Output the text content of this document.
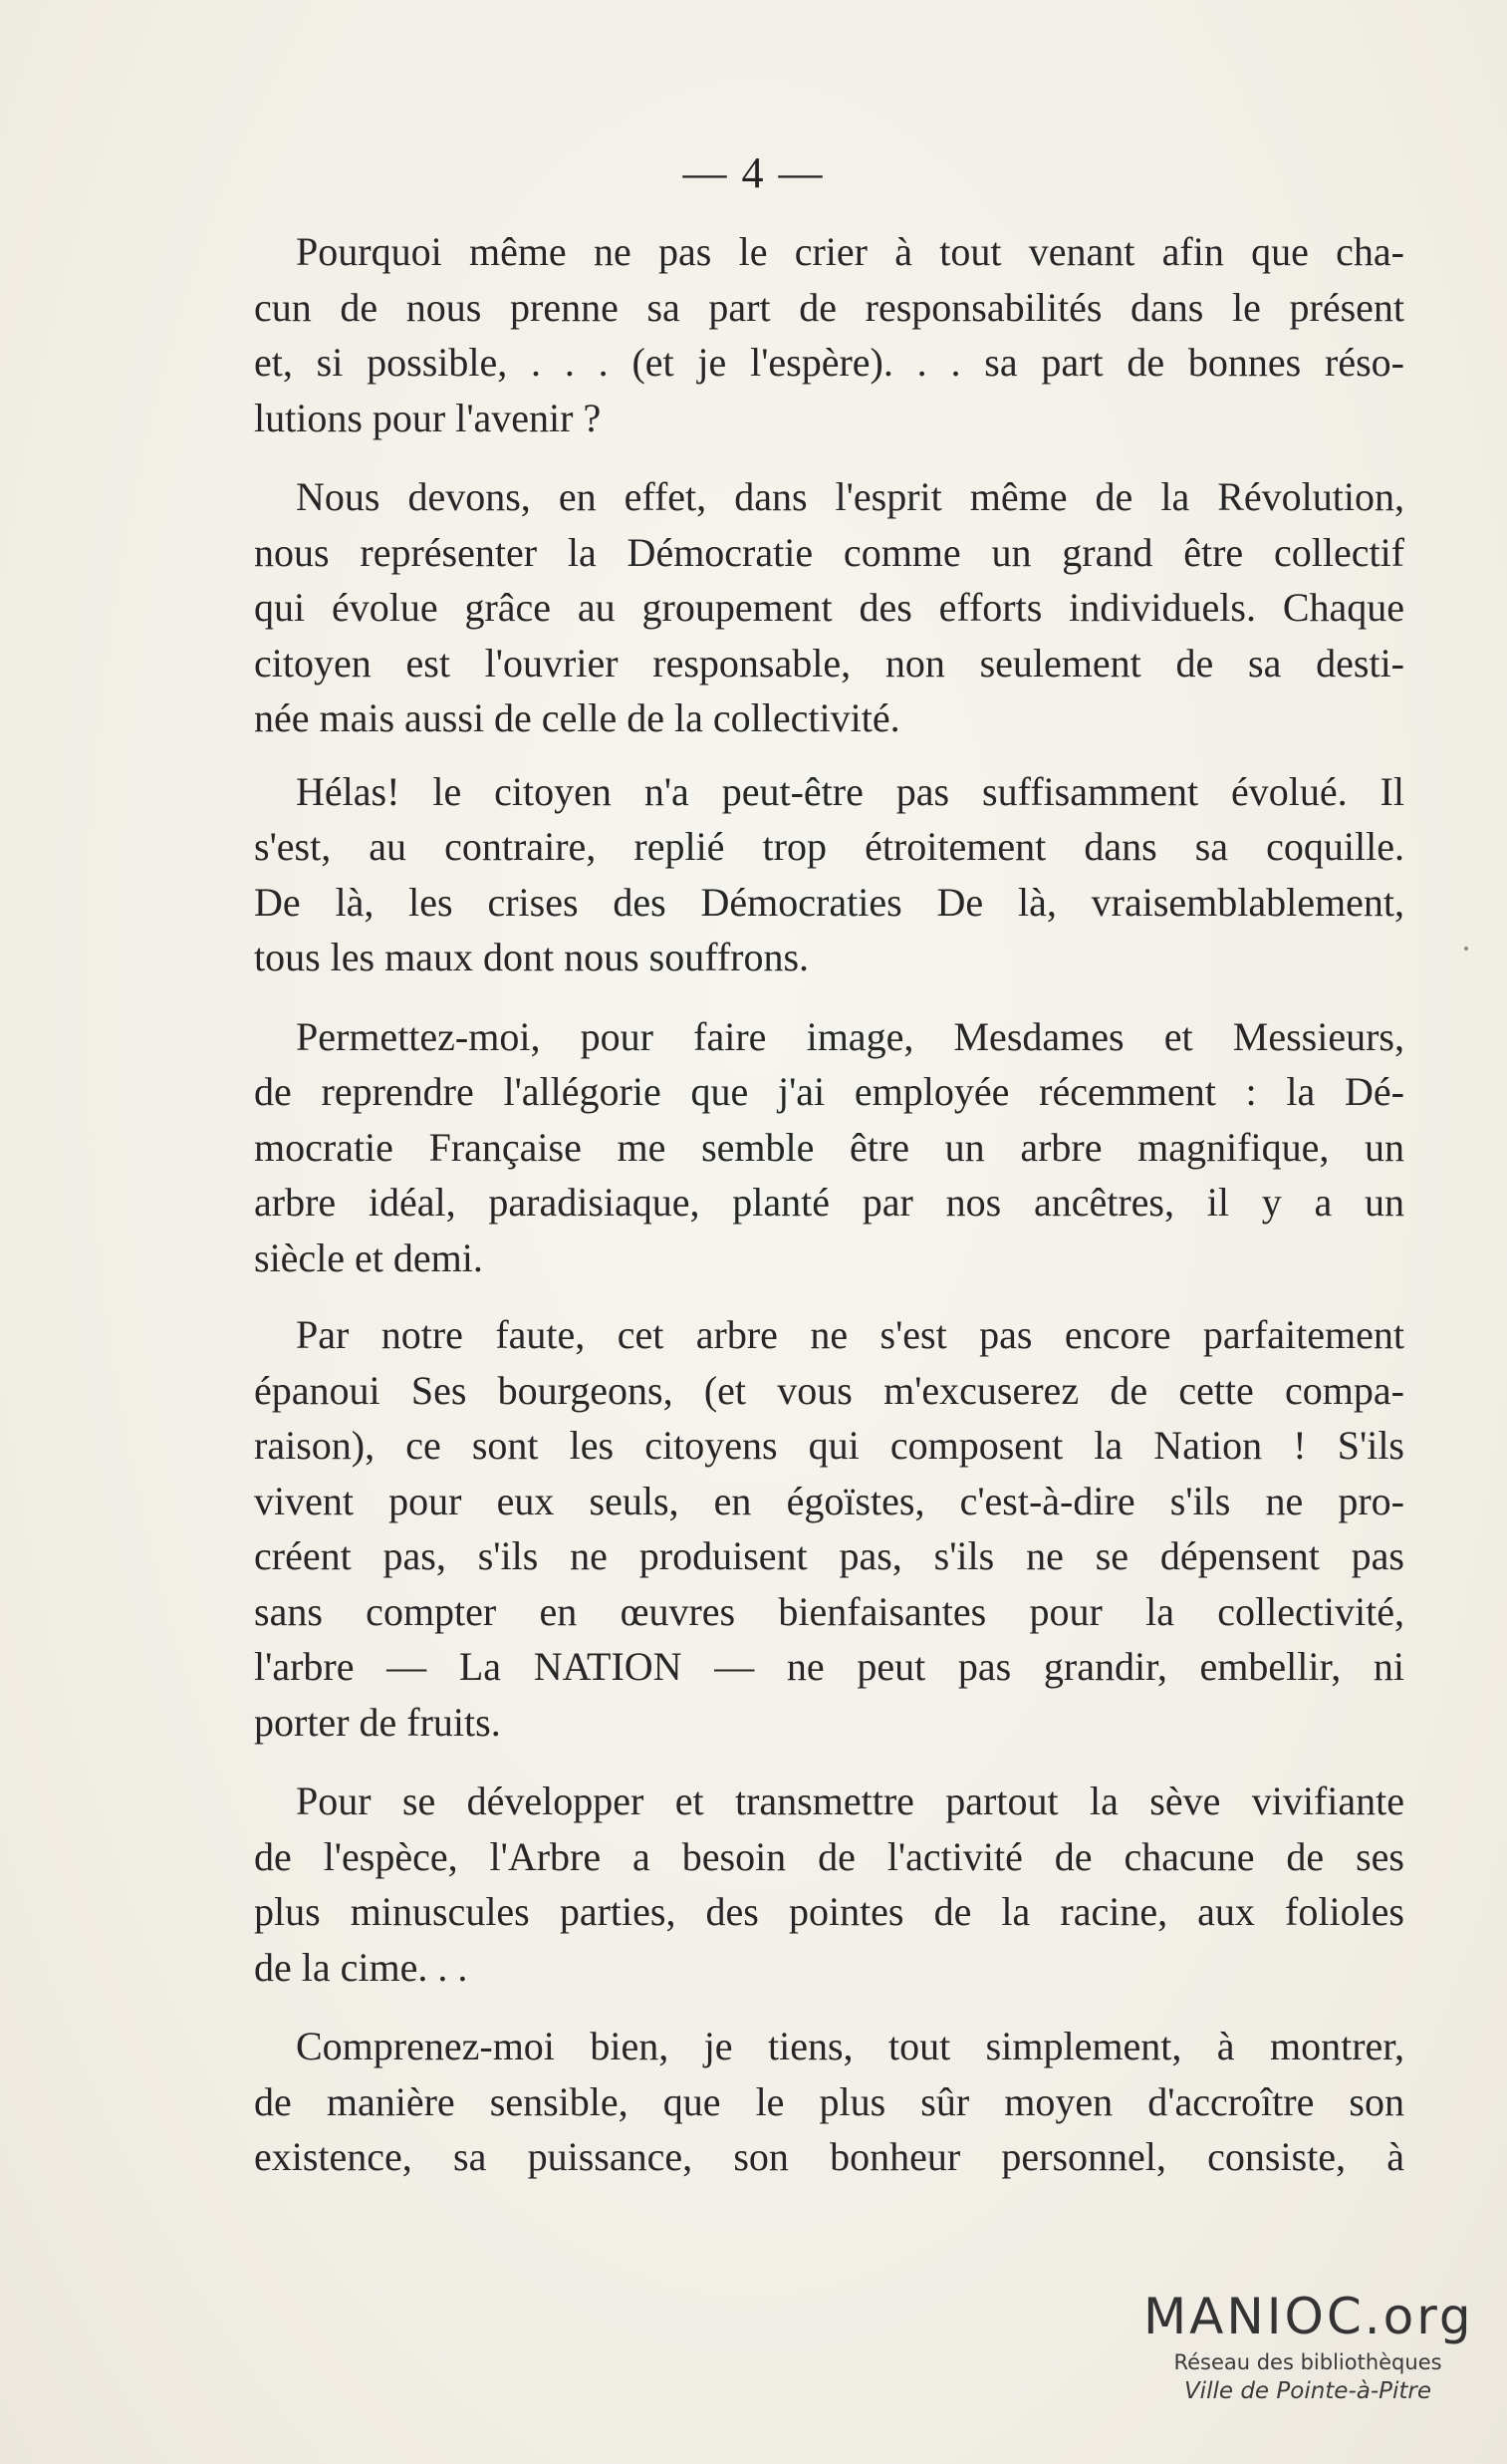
— 4 —
Pourquoi même ne pas le crier à tout venant afin que cha-
cun de nous prenne sa part de responsabilités dans le présent
et, si possible, . . . (et je l'espère). . . sa part de bonnes réso-
lutions pour l'avenir ?
Nous devons, en effet, dans l'esprit même de la Révolution,
nous représenter la Démocratie comme un grand être collectif
qui évolue grâce au groupement des efforts individuels. Chaque
citoyen est l'ouvrier responsable, non seulement de sa desti-
née mais aussi de celle de la collectivité.
Hélas! le citoyen n'a peut-être pas suffisamment évolué. Il
s'est, au contraire, replié trop étroitement dans sa coquille.
De là, les crises des Démocraties De là, vraisemblablement,
tous les maux dont nous souffrons.
Permettez-moi, pour faire image, Mesdames et Messieurs,
de reprendre l'allégorie que j'ai employée récemment : la Dé-
mocratie Française me semble être un arbre magnifique, un
arbre idéal, paradisiaque, planté par nos ancêtres, il y a un
siècle et demi.
Par notre faute, cet arbre ne s'est pas encore parfaitement
épanoui Ses bourgeons, (et vous m'excuserez de cette compa-
raison), ce sont les citoyens qui composent la Nation ! S'ils
vivent pour eux seuls, en égoïstes, c'est-à-dire s'ils ne pro-
créent pas, s'ils ne produisent pas, s'ils ne se dépensent pas
sans compter en œuvres bienfaisantes pour la collectivité,
l'arbre — La NATION — ne peut pas grandir, embellir, ni
porter de fruits.
Pour se développer et transmettre partout la sève vivifiante
de l'espèce, l'Arbre a besoin de l'activité de chacune de ses
plus minuscules parties, des pointes de la racine, aux folioles
de la cime. . .
Comprenez-moi bien, je tiens, tout simplement, à montrer,
de manière sensible, que le plus sûr moyen d'accroître son
existence, sa puissance, son bonheur personnel, consiste, à
MANIOC.org
Réseau des bibliothèques
Ville de Pointe-à-Pitre
